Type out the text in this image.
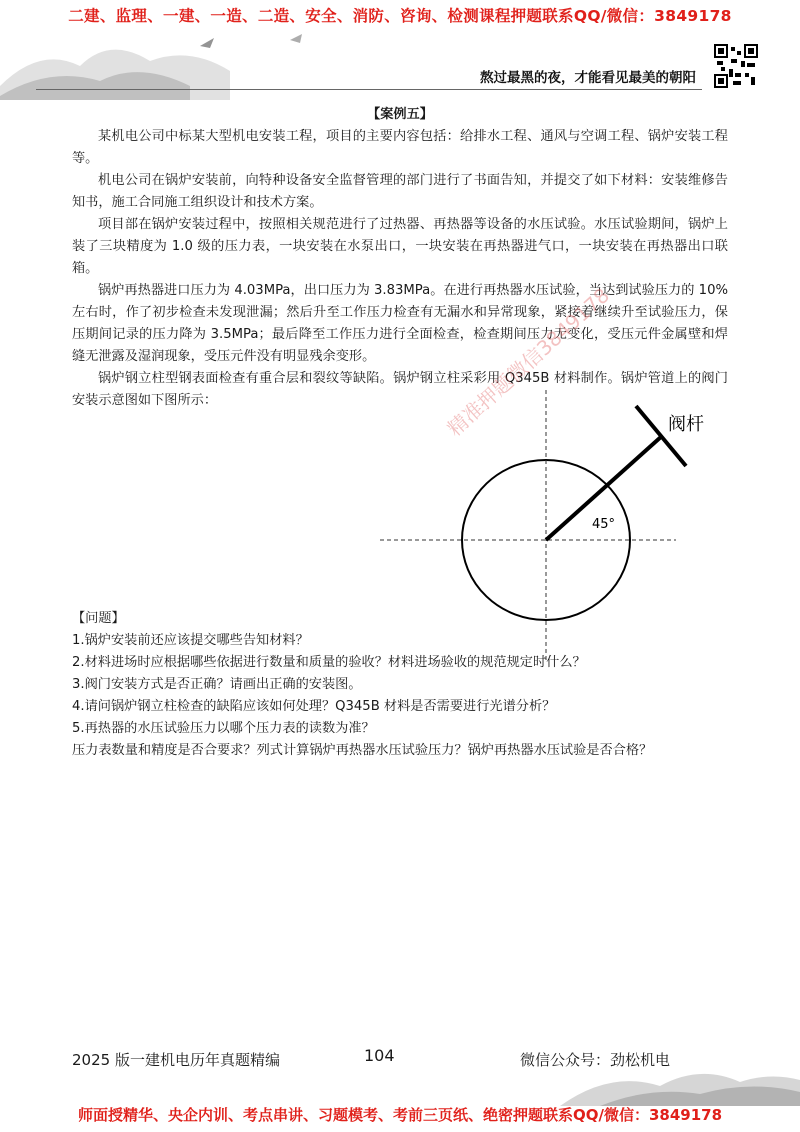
二建、监理、一建、一造、二造、安全、消防、咨询、检测课程押题联系QQ/微信：3849178
熬过最黑的夜，才能看见最美的朝阳
【案例五】

某机电公司中标某大型机电安装工程，项目的主要内容包括：给排水工程、通风与空调工程、锅炉安装工程等。

机电公司在锅炉安装前，向特种设备安全监督管理的部门进行了书面告知，并提交了如下材料：安装维修告知书，施工合同施工组织设计和技术方案。

项目部在锅炉安装过程中，按照相关规范进行了过热器、再热器等设备的水压试验。水压试验期间，锅炉上装了三块精度为 1.0 级的压力表，一块安装在水泵出口，一块安装在再热器进气口，一块安装在再热器出口联箱。

锅炉再热器进口压力为 4.03MPa，出口压力为 3.83MPa。在进行再热器水压试验，当达到试验压力的 10%左右时，作了初步检查未发现泄漏；然后升至工作压力检查有无漏水和异常现象，紧接着继续升至试验压力，保压期间记录的压力降为 3.5MPa；最后降至工作压力进行全面检查，检查期间压力无变化，受压元件金属壁和焊缝无泄露及湿润现象，受压元件没有明显残余变形。

锅炉钢立柱型钢表面检查有重合层和裂纹等缺陷。锅炉钢立柱采彩用 Q345B 材料制作。锅炉管道上的阀门安装示意图如下图所示：

阀杆
45°
精准押题微信3849178
【问题】
1.锅炉安装前还应该提交哪些告知材料？
2.材料进场时应根据哪些依据进行数量和质量的验收？材料进场验收的规范规定时什么？
3.阀门安装方式是否正确？请画出正确的安装图。
4.请问锅炉钢立柱检查的缺陷应该如何处理？Q345B 材料是否需要进行光谱分析？
5.再热器的水压试验压力以哪个压力表的读数为准？
压力表数量和精度是否合要求？列式计算锅炉再热器水压试验压力？锅炉再热器水压试验是否合格？
2025 版一建机电历年真题精编	104	微信公众号：劲松机电
师面授精华、央企内训、考点串讲、习题模考、考前三页纸、绝密押题联系QQ/微信：3849178
